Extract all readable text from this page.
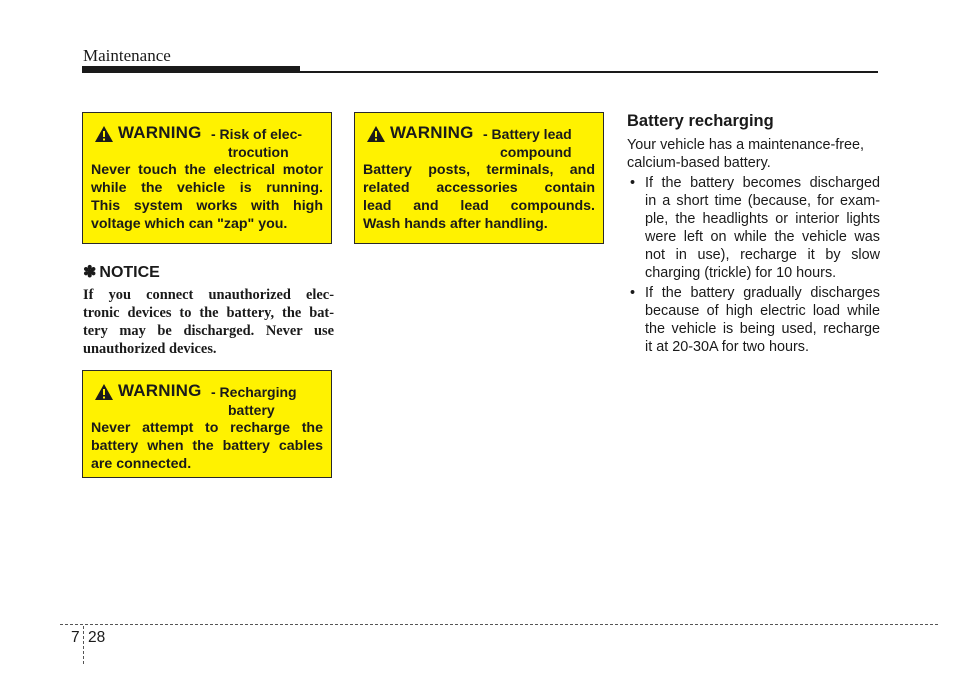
Maintenance
WARNING - Risk of elec-
trocution
Never touch the electrical motor
while the vehicle is running.
This system works with high
voltage which can "zap" you.
WARNING - Battery lead
compound
Battery posts, terminals, and
related accessories contain
lead and lead compounds.
Wash hands after handling.
✽ NOTICE
If you connect unauthorized elec-
tronic devices to the battery, the bat-
tery may be discharged. Never use
unauthorized devices.
WARNING - Recharging
battery
Never attempt to recharge the
battery when the battery cables
are connected.
Battery recharging
Your vehicle has a maintenance-free,
calcium-based battery.
• If the battery becomes discharged
in a short time (because, for exam-
ple, the headlights or interior lights
were left on while the vehicle was
not in use), recharge it by slow
charging (trickle) for 10 hours.
• If the battery gradually discharges
because of high electric load while
the vehicle is being used, recharge
it at 20-30A for two hours.
7 28
